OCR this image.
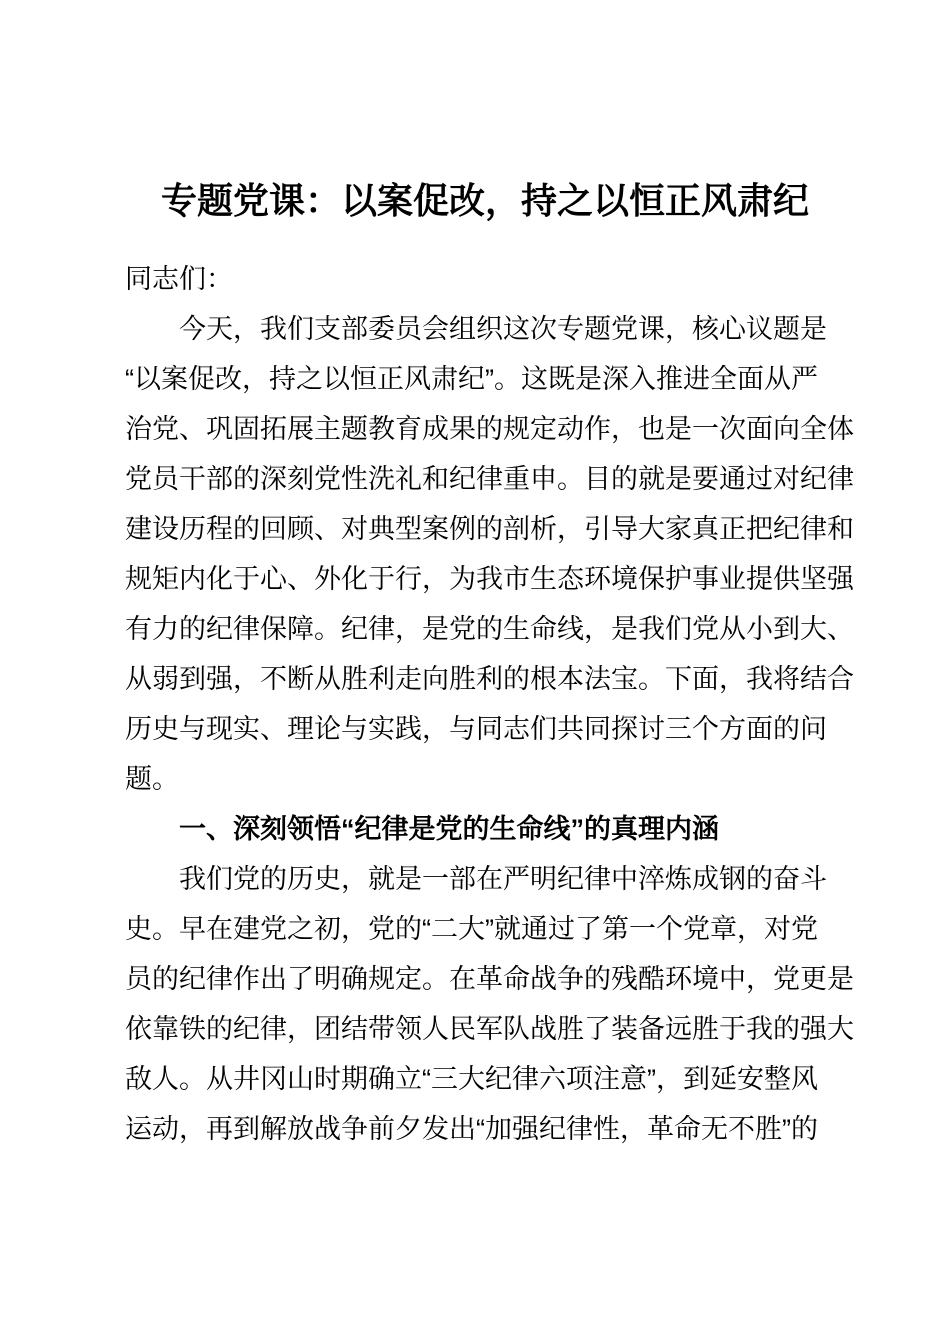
专题党课：以案促改，持之以恒正风肃纪
同志们：
今天，我们支部委员会组织这次专题党课，核心议题是
“以案促改，持之以恒正风肃纪”。这既是深入推进全面从严
治党、巩固拓展主题教育成果的规定动作，也是一次面向全体
党员干部的深刻党性洗礼和纪律重申。目的就是要通过对纪律
建设历程的回顾、对典型案例的剖析，引导大家真正把纪律和
规矩内化于心、外化于行，为我市生态环境保护事业提供坚强
有力的纪律保障。纪律，是党的生命线，是我们党从小到大、
从弱到强，不断从胜利走向胜利的根本法宝。下面，我将结合
历史与现实、理论与实践，与同志们共同探讨三个方面的问
题。
一、深刻领悟“纪律是党的生命线”的真理内涵
我们党的历史，就是一部在严明纪律中淬炼成钢的奋斗
史。早在建党之初，党的“二大”就通过了第一个党章，对党
员的纪律作出了明确规定。在革命战争的残酷环境中，党更是
依靠铁的纪律，团结带领人民军队战胜了装备远胜于我的强大
敌人。从井冈山时期确立“三大纪律六项注意”，到延安整风
运动，再到解放战争前夕发出“加强纪律性，革命无不胜”的
